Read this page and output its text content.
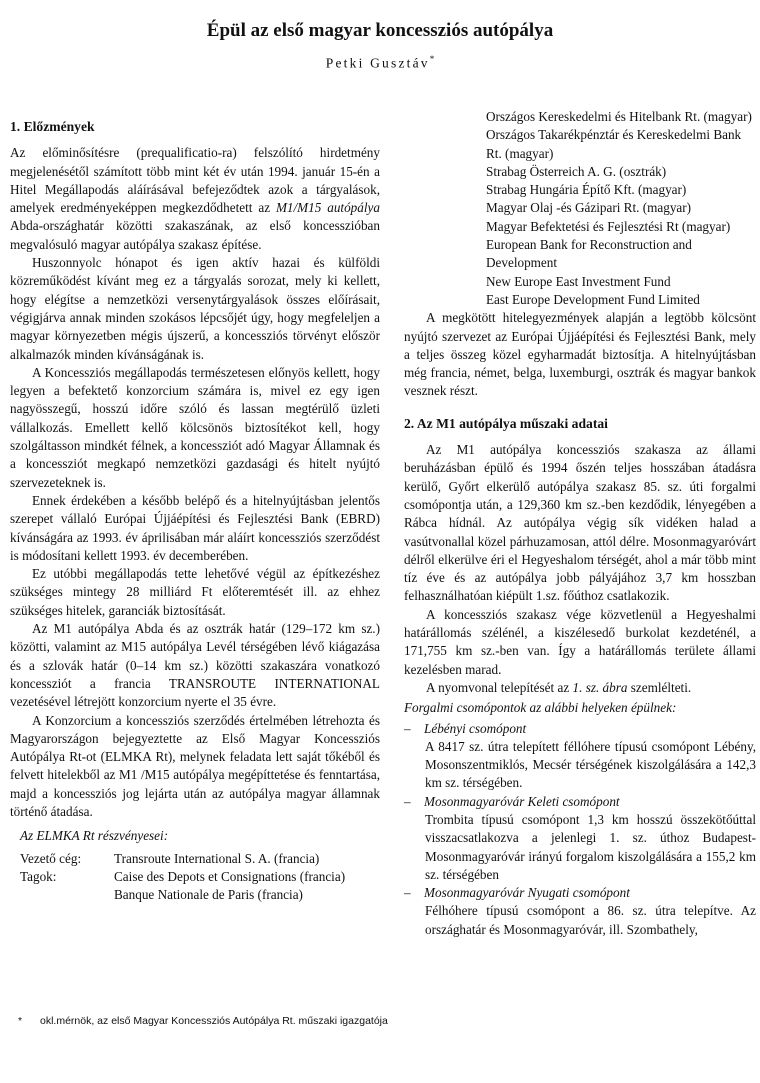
Épül az első magyar koncessziós autópálya
Petki Gusztáv*
1. Előzmények

Az előminősítésre (prequalificatio-ra) felszólító hirdetmény megjelenésétől számított több mint két év után 1994. január 15-én a Hitel Megállapodás aláírásával befejeződtek azok a tárgyalások, amelyek eredményeképpen megkezdődhetett az M1/M15 autópálya Abda-országhatár közötti szakaszának, az első koncesszióban megvalósuló magyar autópálya szakasz építése.

Huszonnyolc hónapot és igen aktív hazai és külföldi közreműködést kívánt meg ez a tárgyalás sorozat, mely ki kellett, hogy elégítse a nemzetközi versenytárgyalások összes előírásait, végigjárva annak minden szokásos lépcsőjét úgy, hogy megfeleljen a magyar környezetben mégis újszerű, a koncessziós törvényt először alkalmazók minden kívánságának is.

A Koncessziós megállapodás természetesen előnyös kellett, hogy legyen a befektető konzorcium számára is, mivel ez egy igen nagyösszegű, hosszú időre szóló és lassan megtérülő üzleti vállalkozás. Emellett kellő kölcsönös biztosítékot kell, hogy szolgáltasson mindkét félnek, a koncessziót adó Magyar Államnak és a koncessziót megkapó nemzetközi gazdasági és hitelt nyújtó szervezeteknek is.

Ennek érdekében a később belépő és a hitelnyújtásban jelentős szerepet vállaló Európai Újjáépítési és Fejlesztési Bank (EBRD) kívánságára az 1993. év áprilisában már aláírt koncessziós szerződést is módosítani kellett 1993. év decemberében.

Ez utóbbi megállapodás tette lehetővé végül az építkezéshez szükséges mintegy 28 milliárd Ft előteremtését ill. az ehhez szükséges hitelek, garanciák biztosítását.

Az M1 autópálya Abda és az osztrák határ (129–172 km sz.) közötti, valamint az M15 autópálya Levél térségében lévő kiágazása és a szlovák határ (0–14 km sz.) közötti szakaszára vonatkozó koncessziót a francia TRANSROUTE INTERNATIONAL vezetésével létrejött konzorcium nyerte el 35 évre.

A Konzorcium a koncessziós szerződés értelmében létrehozta és Magyarországon bejegyeztette az Első Magyar Koncessziós Autópálya Rt-ot (ELMKA Rt), melynek feladata lett saját tőkéből és felvett hitelekből az M1 /M15 autópálya megépíttetése és fenntartása, majd a koncessziós jog lejárta után az autópálya magyar államnak történő átadása.

Az ELMKA Rt részvényesei:
Vezető cég:	Transroute International S. A. (francia)
Tagok:	Caise des Depots et Consignations (francia)
Banque Nationale de Paris (francia)
Országos Kereskedelmi és Hitelbank Rt. (magyar)
Országos Takarékpénztár és Kereskedelmi Bank Rt. (magyar)
Strabag Österreich A. G. (osztrák)
Strabag Hungária Építő Kft. (magyar)
Magyar Olaj -és Gázipari Rt. (magyar)
Magyar Befektetési és Fejlesztési Rt (magyar)
European Bank for Reconstruction and Development
New Europe East Investment Fund
East Europe Development Fund Limited

A megkötött hitelegyezmények alapján a legtöbb kölcsönt nyújtó szervezet az Európai Újjáépítési és Fejlesztési Bank, mely a teljes összeg közel egyharmadát biztosítja. A hitelnyújtásban még francia, német, belga, luxemburgi, osztrák és magyar bankok vesznek részt.

2. Az M1 autópálya műszaki adatai

Az M1 autópálya koncessziós szakasza az állami beruházásban épülő és 1994 őszén teljes hosszában átadásra kerülő, Győrt elkerülő autópálya szakasz 85. sz. úti forgalmi csomópontja után, a 129,360 km sz.-ben kezdődik, lényegében a Rábca hídnál. Az autópálya végig sík vidéken halad a vasútvonallal közel párhuzamosan, attól délre. Mosonmagyaróvárt délről elkerülve éri el Hegyeshalom térségét, ahol a már több mint tíz éve és az autópálya jobb pályájához 3,7 km hosszban felhasználhatóan kiépült 1.sz. főúthoz csatlakozik.

A koncessziós szakasz vége közvetlenül a Hegyeshalmi határállomás szélénél, a kiszélesedő burkolat kezdeténél, a 171,755 km sz.-ben van. Így a határállomás területe állami kezelésben marad.

A nyomvonal telepítését az 1. sz. ábra szemlélteti.

Forgalmi csomópontok az alábbi helyeken épülnek:
– Lébényi csomópont

A 8417 sz. útra telepített féllóhere típusú csomópont Lébény, Mosonszentmiklós, Mecsér térségének kiszolgálására a 142,3 km sz. térségében.

– Mosonmagyaróvár Keleti csomópont

Trombita típusú csomópont 1,3 km hosszú összekötőúttal visszacsatlakozva a jelenlegi 1. sz. úthoz Budapest-Mosonmagyaróvár irányú forgalom kiszolgálására a 155,2 km sz. térségében

– Mosonmagyaróvár Nyugati csomópont

Félhóhere típusú csomópont a 86. sz. útra telepítve. Az országhatár és Mosonmagyaróvár, ill. Szombathely,

* okl.mérnök, az első Magyar Koncessziós Autópálya Rt. műszaki igazgatója
